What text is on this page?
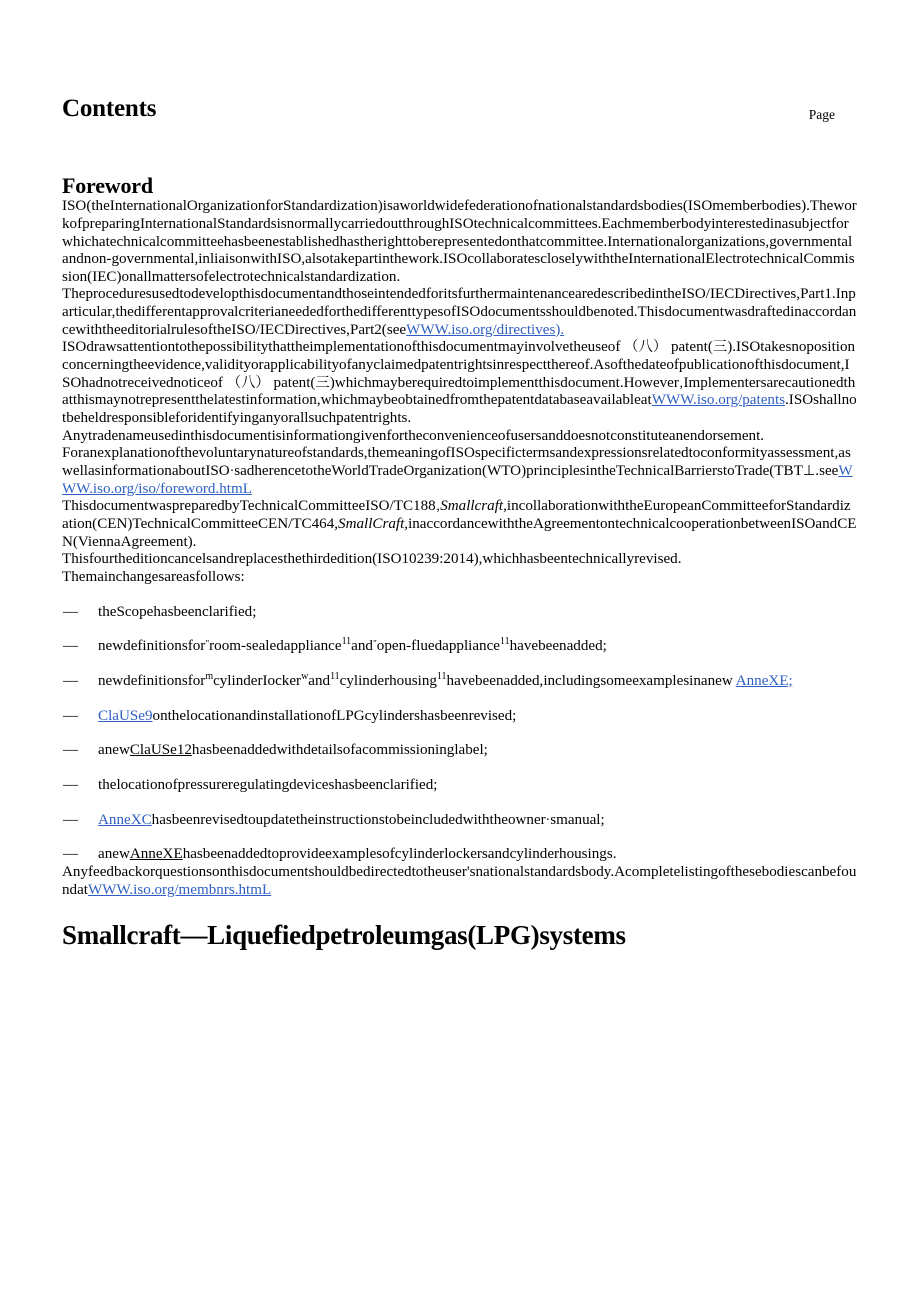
Contents	Page
Foreword

ISO(theInternationalOrganizationforStandardization)isaworldwidefederationofnationalstandardsbodies(ISOmemberbodies).TheworkofpreparingInternationalStandardsisnormallycarriedoutthroughISOtechnicalcommittees.Eachmemberbodyinterestedinasubjectforwhichatechnicalcommitteehasbeenestablishedhastherighttoberepresentedonthatcommittee.Internationalorganizations,governmentalandnon-governmental,inliaisonwithISO,alsotakepartinthework.ISOcollaboratescloselywiththeInternationalElectrotechnicalCommission(IEC)onallmattersofelectrotechnicalstandardization.

TheproceduresusedtodevelopthisdocumentandthoseintendedforitsfurthermaintenancearedescribedintheISO/IECDirectives,Part1.Inparticular,thedifferentapprovalcriterianeededforthedifferenttypesofISOdocumentsshouldbenoted.ThisdocumentwasdraftedinaccordancewiththeeditorialrulesoftheISO/IECDirectives,Part2(seeWWW.iso.org/directives).

ISOdrawsattentiontothepossibilitythattheimplementationofthisdocumentmayinvolvetheuseof （八） patent(三).ISOtakesnopositionconcerningtheevidence,validityorapplicabilityofanyclaimedpatentrightsinrespectthereof.Asofthedateofpublicationofthisdocument,ISOhadnotreceivednoticeof （八） patent(三)whichmayberequiredtoimplementthisdocument.However‚Implementersarecautionedthatthismaynotrepresentthelatestinformation,whichmaybeobtainedfromthepatentdatabaseavailableatWWW.iso.org/patents.ISOshallnotbeheldresponsibleforidentifyinganyorallsuchpatentrights.

Anytradenameusedinthisdocumentisinformationgivenfortheconvenienceofusersanddoesnotconstituteanendorsement.

Foranexplanationofthevoluntarynatureofstandards,themeaningofISOspecifictermsandexpressionsrelatedtoconformityassessment,aswellasinformationaboutISO·sadherencetotheWorldTradeOrganization(WTO)principlesintheTechnicalBarrierstoTrade(TBT⊥.seeWWW.iso.org/iso/foreword.htmL

ThisdocumentwaspreparedbyTechnicalCommitteeISO/TC188‚Smallcraft,incollaborationwiththeEuropeanCommitteeforStandardization(CEN)TechnicalCommitteeCEN/TC464,SmallCraft,inaccordancewiththeAgreementontechnicalcooperationbetweenISOandCEN(ViennaAgreement).

Thisfourtheditioncancelsandreplacesthethirdedition(ISO10239:2014),whichhasbeentechnicallyrevised.

Themainchangesareasfollows:

— theScopehasbeenclarified;
— newdefinitionsfor"room-sealedappliance$^{11}$and"open-fluedappliance$^{11}$havebeenadded;
— newdefinitionsfor$^m$cylinderIocker$^w$and$^{11}$cylinderhousing$^{11}$havebeenadded,includingsomeexamplesinanew AnneXE;
— ClaUSe9onthelocationandinstallationofLPGcylindershasbeenrevised;
— anewClaUSe12hasbeenaddedwithdetailsofacommissioninglabel;
— thelocationofpressureregulatingdeviceshasbeenclarified;
— AnneXChasbeenrevisedtoupdatetheinstructionstobeincludedwiththeowner·smanual;
— anewAnneXEhasbeenaddedtoprovideexamplesofcylinderlockersandcylinderhousings.

Anyfeedbackorquestionsonthisdocumentshouldbedirectedtotheuser'snationalstandardsbody.AcompletelistingofthesebodiescanbefoundatWWW.iso.org/membnrs.htmL

Smallcraft—Liquefiedpetroleumgas(LPG)systems
